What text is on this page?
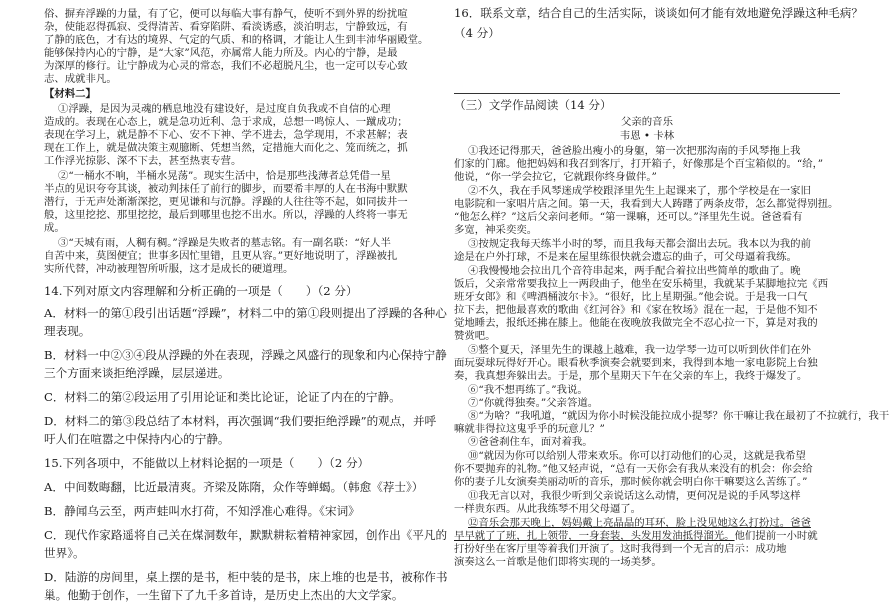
俗、摒弃浮躁的力量，有了它，便可以每临大事有静气，使听不到外界的纷扰喧
杂，使能忍得孤寂、受得清苦、看穿陷阱、看淡诱惑，淡泊明志，宁静致远，有
了静的底色，才有达的境界、气定的气质、和的格调，才能让人生到丰沛华丽殿堂。
能够保持内心的宁静，是“大家”风范，亦属常人能力所及。内心的宁静，是最
为深厚的修行。让宁静成为心灵的常态，我们不必超脱凡尘，也一定可以专心致
志、成就非凡。
【材料二】
①浮躁，是因为灵魂的栖息地没有建设好，是过度自负我或不自信的心理
造成的。表现在心态上，就是急功近利、急于求成，总想一鸣惊人、一蹴成功；
表现在学习上，就是静不下心、安不下神、学不进去，急学现用，不求甚解；表
现在工作上，就是做决策主观臆断、凭想当然，定措施大而化之、笼而统之，抓
工作浮光掠影、深不下去，甚至热衷专营。
②“一桶水不响，半桶水晃荡”。现实生活中，恰是那些浅薄者总凭借一星
半点的见识夸夸其谈，被动判抹任了前行的脚步，而要希丰厚的人在书海中默默
潜行，于无声处渐渐深挖，更见谦和与沉静。浮躁的人往往等不起，如同拔井一
般，这里挖挖、那里挖挖，最后到哪里也挖不出水。所以，浮躁的人终将一事无
成。
③“天城有雨，人稠有稠。”浮躁是失败者的墓志铭。有一副名联：“好人半
自苦中来，莫图便宜；世事多因忙里错，且更从容。”更好地说明了，浮躁被扎
实所代替，冲动被理智所听服，这才是成长的硬道理。
14.下列对原文内容理解和分析正确的一项是（　　）（2 分）
A．材料一的第①段引出话题“浮躁”，材料二中的第①段则提出了浮躁的各种心
理表现。
B．材料一中②③④段从浮躁的外在表现，浮躁之风盛行的现象和内心保持宁静
三个方面来谈拒绝浮躁，层层递进。
C．材料二的第②段运用了引用论证和类比论证，论证了内在的宁静。
D．材料二的第③段总结了本材料，再次强调“我们要拒绝浮躁”的观点，并呼
吁人们在喧嚣之中保持内心的宁静。
15.下列各项中，不能做以上材料论据的一项是（　　）（2 分）
A．中间数晦翻，比近最清爽。齐梁及陈隋，众作等蝉蝎。（韩愈《荐士》）
B．静闻乌云至，两声蛙叫水打荷，不知浮准心难得。《宋词》
C．现代作家路遥将自己关在煤洞数年，默默耕耘着精神家园，创作出《平凡的
世界》。
D．陆游的房间里，桌上摆的是书，柜中装的是书，床上堆的也是书，被称作书
巢。他勤于创作，一生留下了九千多首诗，是历史上杰出的大文学家。
16．联系文章，结合自己的生活实际，谈谈如何才能有效地避免浮躁这种毛病？
（4 分）
（三）文学作品阅读（14 分）
父亲的音乐
韦恩 • 卡林
①我还记得那天，爸爸脸出瘦小的身躯，第一次把那沟南的手风琴拖上我
们家的门廊。他把妈妈和我召到客厅，打开箱子，好像那是个百宝箱似的。“给，”
他说，“你一学会拉它，它就跟你终身做伴。”
②不久，我在手风琴迷成学校跟泽里先生上起课来了，那个学校是在一家旧
电影院和一家唱片店之间。第一天，我看到大人踌躇了两条皮带，怎么都觉得别扭。
“他怎么样？”这后父亲问老师。“第一课嘛，还可以。”泽里先生说。爸爸看有
多宽，神采奕奕。
③按规定我每天练半小时的琴，而且我每天都会溜出去玩。我本以为我的前
途是在户外打球，不是来在屋里练很快就会遗忘的曲子，可父母逼着我练。
④我慢慢地会拉出几个音符串起来，两手配合着拉出些简单的歌曲了。晚
饭后，父亲常常要我拉上一两段曲子，他坐在安乐椅里，我就某手某脚地拉完《西
班牙女郎》和《啤酒桶波尔卡》。“很好，比上星期强。”他会说。于是我一口气
拉下去，把他最喜欢的歌曲《红河谷》和《家在牧场》混在一起，于是他不知不
觉地睡去，报纸还拂在膝上。他能在夜晚放我做完全不忍心拉一下，算是对我的
赞赏吧。
⑤整个夏天，泽里先生的课越上越难，我一边学琴一边可以听到伙伴们在外
面玩耍球玩得好开心。眼看秋季演奏会就要到来，我得到本地一家电影院上台独
奏，我真想奔躲出去。于是，那个星期天下午在父亲的车上，我终于爆发了。
⑥“我不想再练了。”我说。
⑦“你就得独奏。”父亲答道。
⑧“为啥？”我吼道，“就因为你小时候没能拉成小提琴？你干嘛让我在最初了不拉就行，我干
嘛就非得拉这鬼乎乎的玩意儿？”
⑨爸爸刹住车，面对着我。
⑩“就因为你可以给别人带来欢乐。你可以打动他们的心灵，这就是我希望
你不要抛弃的礼物。”他又轻声说，“总有一天你会有我从来没有的机会：你会给
你的妻子儿女演奏美丽动听的音乐，那时候你就会明白你干嘛要这么苦练了。”
⑪我无言以对，我很少听到父亲说话这么动情，更何况是说的手风琴这样
一样贵东西。从此我练琴不用父母逼了。
⑫音乐会那天晚上，妈妈戴上亮晶晶的耳环，脸上没见她这么打扮过。爸爸
早早就了了班，扎上领带，一身套装，头发用发油抵得溜光。他们提前一小时就
打扮好坐在客厅里等着我们开演了。这时我得到一个无言的启示：成功地
演奏这么一首歌是他们即将实现的一场美梦。
